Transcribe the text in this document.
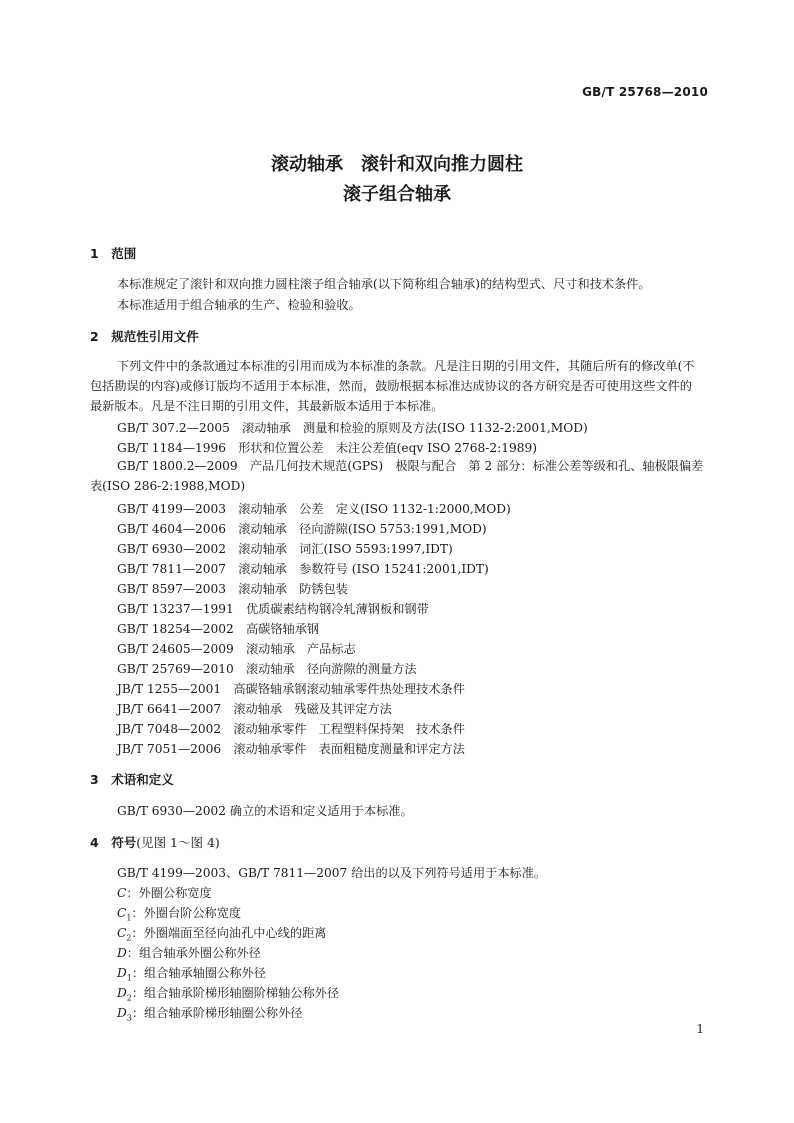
GB/T 25768—2010
滚动轴承　滚针和双向推力圆柱
滚子组合轴承
1　范围
本标准规定了滚针和双向推力圆柱滚子组合轴承(以下简称组合轴承)的结构型式、尺寸和技术条件。
本标准适用于组合轴承的生产、检验和验收。
2　规范性引用文件
下列文件中的条款通过本标准的引用而成为本标准的条款。凡是注日期的引用文件，其随后所有的修改单(不包括勘误的内容)或修订版均不适用于本标准，然而，鼓励根据本标准达成协议的各方研究是否可使用这些文件的最新版本。凡是不注日期的引用文件，其最新版本适用于本标准。
GB/T 307.2—2005　滚动轴承　测量和检验的原则及方法(ISO 1132-2:2001,MOD)
GB/T 1184—1996　形状和位置公差　未注公差值(eqv ISO 2768-2:1989)
GB/T 1800.2—2009　产品几何技术规范(GPS)　极限与配合　第 2 部分：标准公差等级和孔、轴极限偏差表(ISO 286-2:1988,MOD)
GB/T 4199—2003　滚动轴承　公差　定义(ISO 1132-1:2000,MOD)
GB/T 4604—2006　滚动轴承　径向游隙(ISO 5753:1991,MOD)
GB/T 6930—2002　滚动轴承　词汇(ISO 5593:1997,IDT)
GB/T 7811—2007　滚动轴承　参数符号 (ISO 15241:2001,IDT)
GB/T 8597—2003　滚动轴承　防锈包装
GB/T 13237—1991　优质碳素结构钢冷轧薄钢板和钢带
GB/T 18254—2002　高碳铬轴承钢
GB/T 24605—2009　滚动轴承　产品标志
GB/T 25769—2010　滚动轴承　径向游隙的测量方法
JB/T 1255—2001　高碳铬轴承钢滚动轴承零件热处理技术条件
JB/T 6641—2007　滚动轴承　残磁及其评定方法
JB/T 7048—2002　滚动轴承零件　工程塑料保持架　技术条件
JB/T 7051—2006　滚动轴承零件　表面粗糙度测量和评定方法
3　术语和定义
GB/T 6930—2002 确立的术语和定义适用于本标准。
4　符号(见图 1～图 4)
GB/T 4199—2003、GB/T 7811—2007 给出的以及下列符号适用于本标准。
C：外圈公称宽度
$C_1$：外圈台阶公称宽度
$C_2$：外圈端面至径向油孔中心线的距离
D：组合轴承外圈公称外径
$D_1$：组合轴承轴圈公称外径
$D_2$：组合轴承阶梯形轴圈阶梯轴公称外径
$D_3$：组合轴承阶梯形轴圈公称外径
1
